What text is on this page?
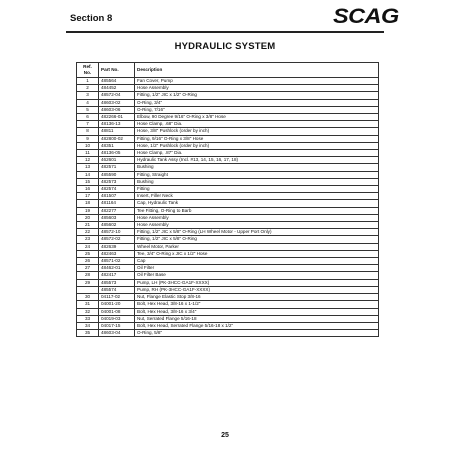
Section 8	SCAG
HYDRAULIC SYSTEM
Ref.
No.	Part No.	Description
1	485564	Fan Cover, Pump
2	484452	Hose Assembly
3	48572-04	Fitting, 1/2" JIC x 1/2" O-Ring
4	48603-02	O-Ring, 3/4"
5	48603-06	O-Ring, 7/16"
6	482266-01	Elbow, 90 Degree 9/16" O-Ring x 3/8" Hose
7	48136-13	Hose Clamp, .68" Dia.
8	48811	Hose, 3/8" Pushlock (order by inch)
9	482800-02	Fitting, 9/16" O-Ring x 3/8" Hose
10	48351	Hose, 1/2" Pushlock (order by inch)
11	48136-05	Hose Clamp, .87" Dia.
12	462601	Hydraulic Tank Assy (Incl. #13, 14, 15, 16, 17, 18)
13	482571	Bushing
14	485590	Fitting, Straight
15	482573	Bushing
16	482574	Fitting
17	481507	Insert, Filler Neck
18	481164	Cap, Hydraulic Tank
19	482277	Tee Fitting, O-Ring to Barb
20	485603	Hose Assembly
21	485602	Hose Assembly
22	48572-10	Fitting, 1/2" JIC x 5/8" O-Ring (LH Wheel Motor - Upper Port Only)
23	48572-02	Fitting, 1/2" JIC x 5/8" O-Ring
24	482639	Wheel Motor, Parker
25	482463	Tee, 3/4" O-Ring x JIC x 1/2" Hose
26	48571-02	Cap
27	48462-01	Oil Filter
28	482417	Oil Filter Base
29	485573	Pump, LH (PK-3HCC-GA1F-XXXX)
	485574	Pump, RH (PK-3HCC-GA1F-XXXX)
30	04117-02	Nut, Flange Elastic Stop 3/8-16
31	04001-20	Bolt, Hex Head, 3/8-16 x 1-1/2"
32	04001-08	Bolt, Hex Head, 3/8-16 x 3/4"
33	04019-03	Nut, Serrated Flange 5/16-18
34	04017-15	Bolt, Hex Head, Serrated Flange 5/16-18 x 1/2"
35	48603-04	O-Ring, 5/8"
25
